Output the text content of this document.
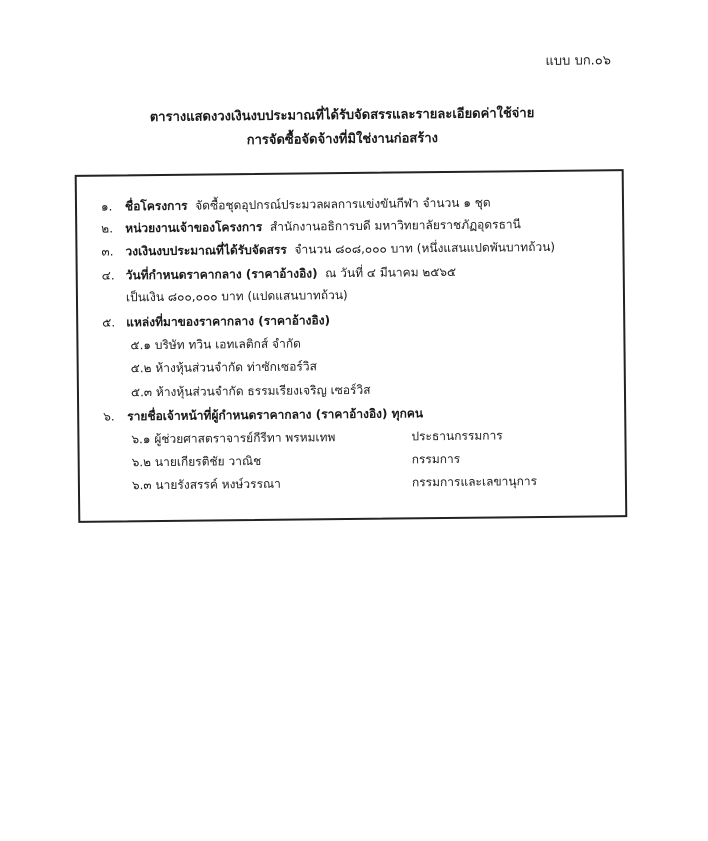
แบบ บก.๐๖
ตารางแสดงวงเงินงบประมาณที่ได้รับจัดสรรและรายละเอียดค่าใช้จ่าย
การจัดซื้อจัดจ้างที่มิใช่งานก่อสร้าง
๑. ชื่อโครงการ จัดซื้อชุดอุปกรณ์ประมวลผลการแข่งขันกีฬา จำนวน ๑ ชุด
๒. หน่วยงานเจ้าของโครงการ สำนักงานอธิการบดี มหาวิทยาลัยราชภัฏอุดรธานี
๓. วงเงินงบประมาณที่ได้รับจัดสรร จำนวน ๘๐๘,๐๐๐ บาท (หนึ่งแสนแปดพันบาทถ้วน)
๔. วันที่กำหนดราคากลาง (ราคาอ้างอิง) ณ วันที่ ๔ มีนาคม ๒๕๖๕
เป็นเงิน ๘๐๐,๐๐๐ บาท (แปดแสนบาทถ้วน)
๕. แหล่งที่มาของราคากลาง (ราคาอ้างอิง)
๕.๑ บริษัท ทวิน เอทเลติกส์ จำกัด
๕.๒ ห้างหุ้นส่วนจำกัด ท่าซักเซอร์วิส
๕.๓ ห้างหุ้นส่วนจำกัด ธรรมเรียงเจริญ เซอร์วิส
๖. รายชื่อเจ้าหน้าที่ผู้กำหนดราคากลาง (ราคาอ้างอิง) ทุกคน
๖.๑ ผู้ช่วยศาสตราจารย์กีรีทา พรหมเทพ	ประธานกรรมการ
๖.๒ นายเกียรติชัย วาณิช	กรรมการ
๖.๓ นายรังสรรค์ หงษ์วรรณา	กรรมการและเลขานุการ
